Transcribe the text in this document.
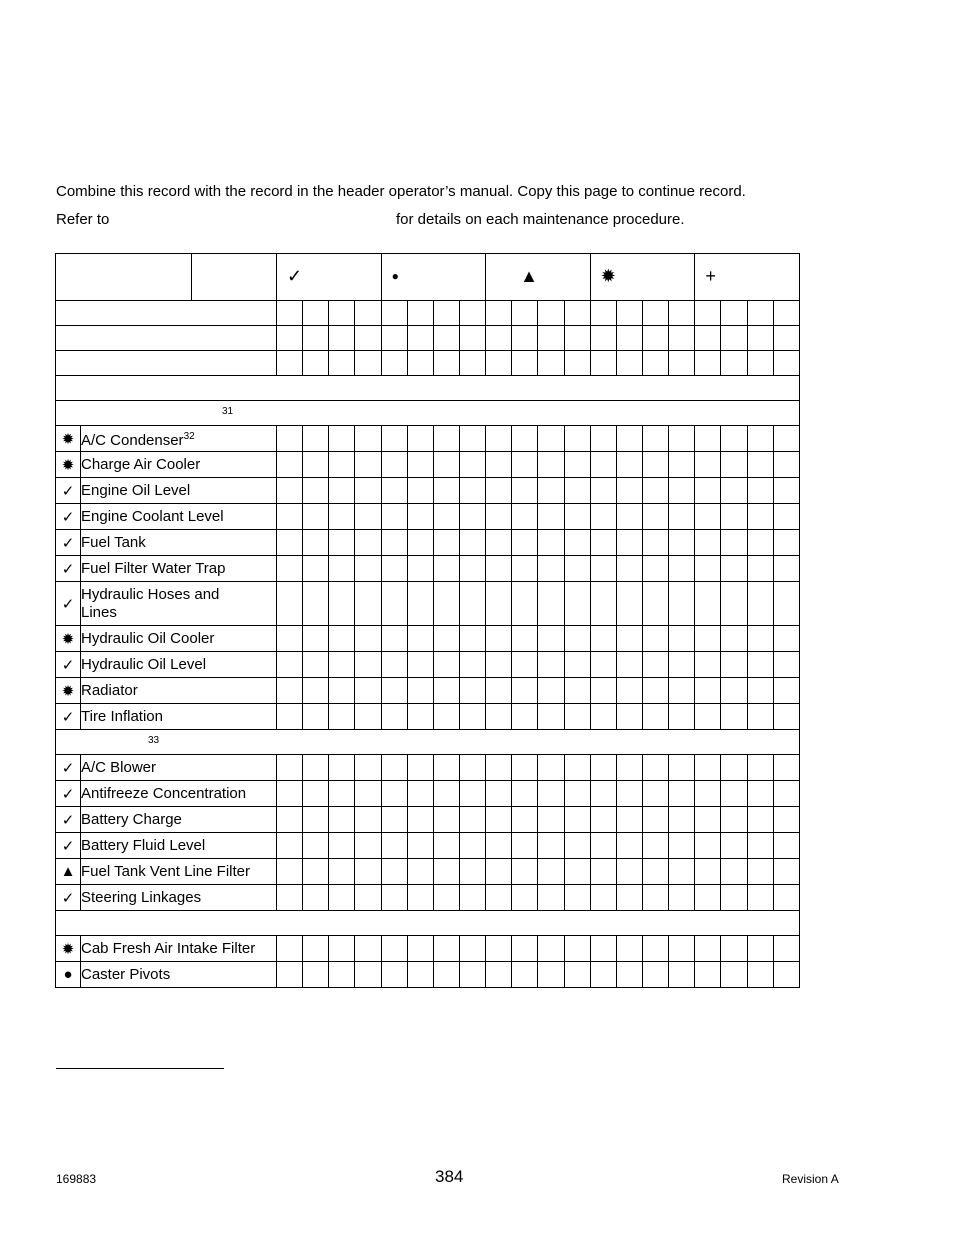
Combine this record with the record in the header operator’s manual. Copy this page to continue record.
Refer to	for details on each maintenance procedure.
			✓				●				▲				✹				+			

31																						

✹	A/C Condenser$^{32}$																				
✹	Charge Air Cooler																					
✓	Engine Oil Level																					
✓	Engine Coolant Level																					
✓	Fuel Tank																					
✓	Fuel Filter Water Trap																					
✓	Hydraulic Hoses and Lines																					
✹	Hydraulic Oil Cooler																					
✓	Hydraulic Oil Level																					
✹	Radiator																					
✓	Tire Inflation																					

33																						

✓	A/C Blower																					
✓	Antifreeze Concentration																					
✓	Battery Charge																					
✓	Battery Fluid Level																					
▲	Fuel Tank Vent Line Filter																					
✓	Steering Linkages																					

✹	Cab Fresh Air Intake Filter																					
●	Caster Pivots																					
169883	384	Revision A
